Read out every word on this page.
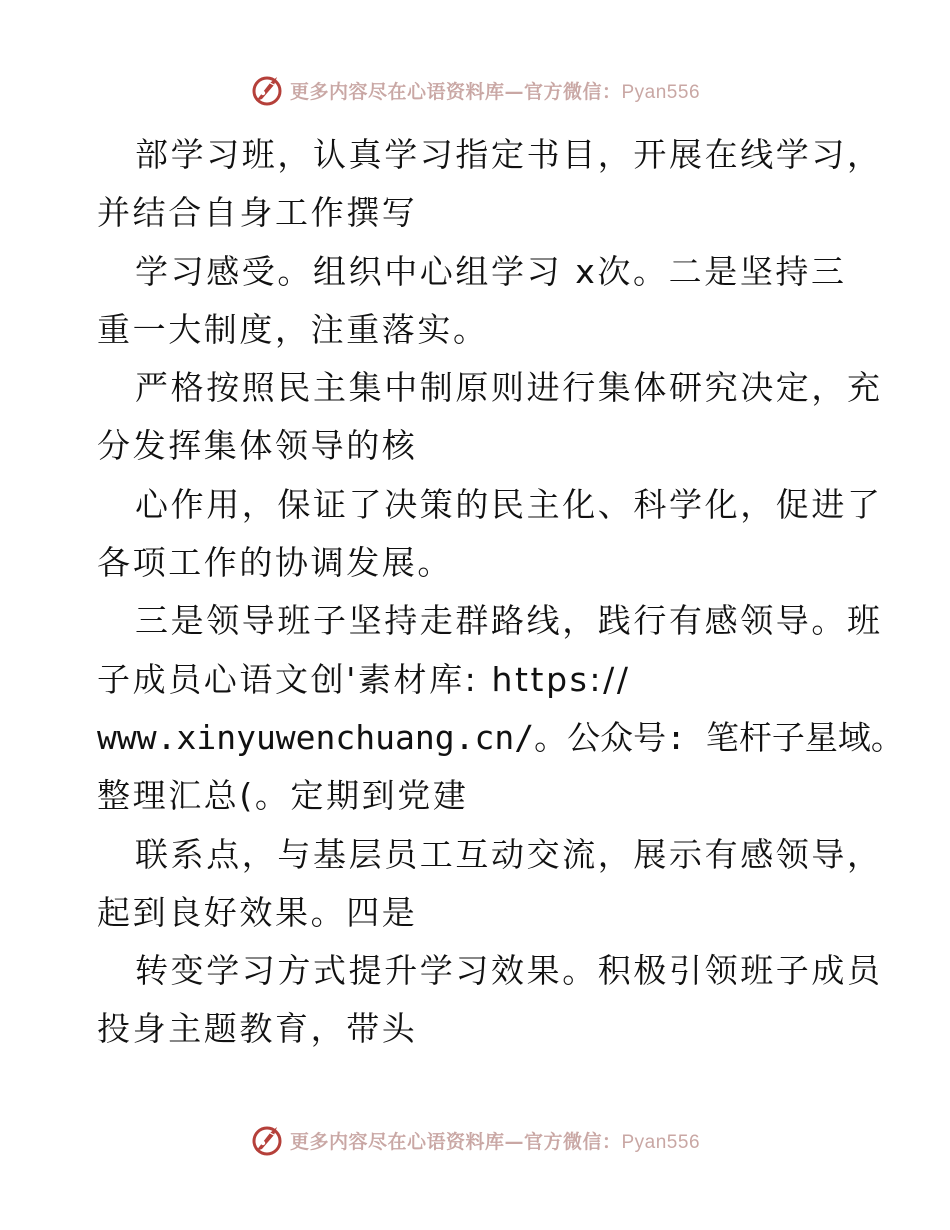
更多内容尽在心语资料库—官方微信：Pyan556
部学习班，认真学习指定书目，开展在线学习，
并结合自身工作撰写
学习感受。组织中心组学习 x次。二是坚持三
重一大制度，注重落实。
严格按照民主集中制原则进行集体研究决定，充
分发挥集体领导的核
心作用，保证了决策的民主化、科学化，促进了
各项工作的协调发展。
三是领导班子坚持走群路线，践行有感领导。班
子成员心语文创'素材库: https://
www.xinyuwenchuang.cn/。公众号: 笔杆子星域。
整理汇总(。定期到党建
联系点，与基层员工互动交流，展示有感领导，
起到良好效果。四是
转变学习方式提升学习效果。积极引领班子成员
投身主题教育，带头
更多内容尽在心语资料库—官方微信：Pyan556
